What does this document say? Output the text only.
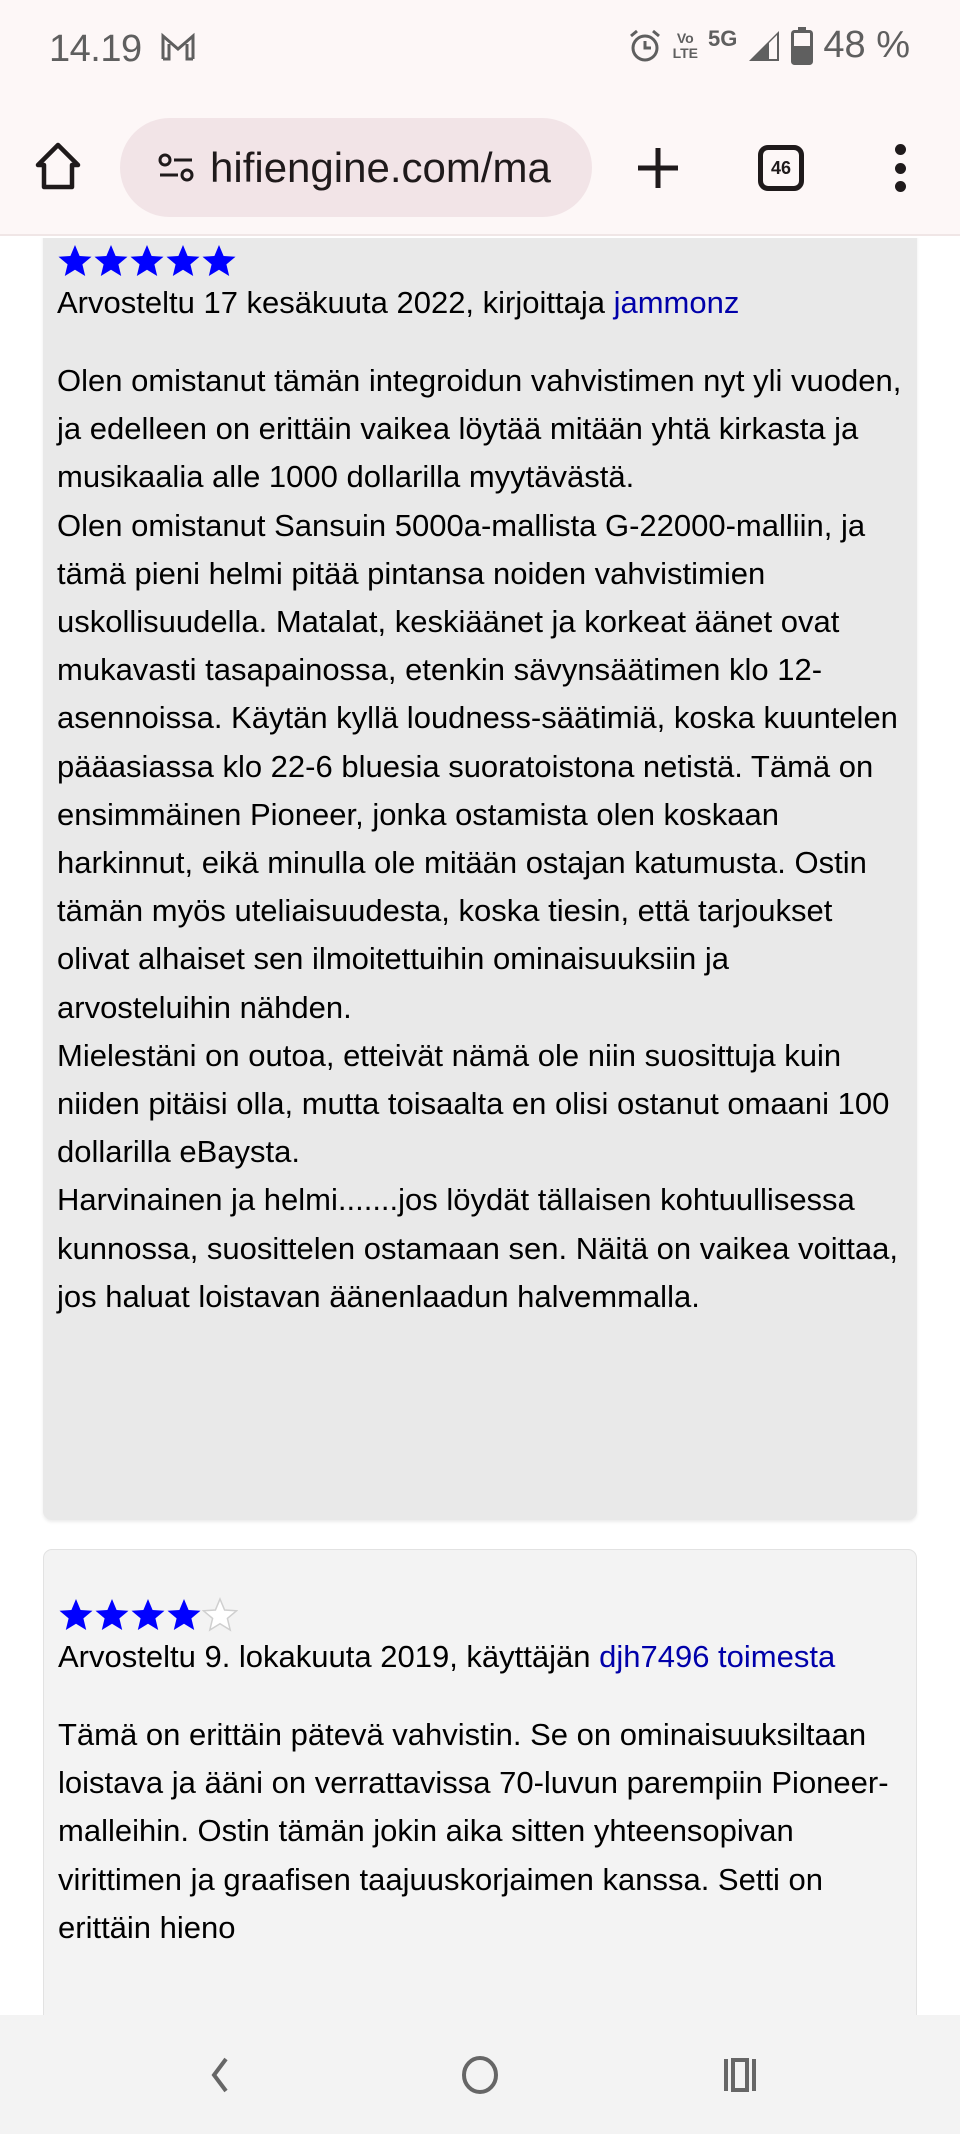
14.19	Vo
LTE
5G 48 %
hifiengine.com/ma	46
Arvosteltu 17 kesäkuuta 2022, kirjoittaja jammonz

Olen omistanut tämän integroidun vahvistimen nyt yli vuoden, ja edelleen on erittäin vaikea löytää mitään yhtä kirkasta ja musikaalia alle 1000 dollarilla myytävästä.

Olen omistanut Sansuin 5000a-mallista G-22000-malliin, ja tämä pieni helmi pitää pintansa noiden vahvistimien uskollisuudella. Matalat, keskiäänet ja korkeat äänet ovat mukavasti tasapainossa, etenkin sävynsäätimen klo 12-asennoissa. Käytän kyllä loudness-säätimiä, koska kuuntelen pääasiassa klo 22-6 bluesia suoratoistona netistä. Tämä on ensimmäinen Pioneer, jonka ostamista olen koskaan harkinnut, eikä minulla ole mitään ostajan katumusta. Ostin tämän myös uteliaisuudesta, koska tiesin, että tarjoukset olivat alhaiset sen ilmoitettuihin ominaisuuksiin ja arvosteluihin nähden.

Mielestäni on outoa, etteivät nämä ole niin suosittuja kuin niiden pitäisi olla, mutta toisaalta en olisi ostanut omaani 100 dollarilla eBaysta.

Harvinainen ja helmi.......jos löydät tällaisen kohtuullisessa kunnossa, suosittelen ostamaan sen. Näitä on vaikea voittaa, jos haluat loistavan äänenlaadun halvemmalla.

Arvosteltu 9. lokakuuta 2019, käyttäjän djh7496 toimesta

Tämä on erittäin pätevä vahvistin. Se on ominaisuuksiltaan loistava ja ääni on verrattavissa 70-luvun parempiin Pioneer-malleihin. Ostin tämän jokin aika sitten yhteensopivan virittimen ja graafisen taajuuskorjaimen kanssa. Setti on erittäin hieno
